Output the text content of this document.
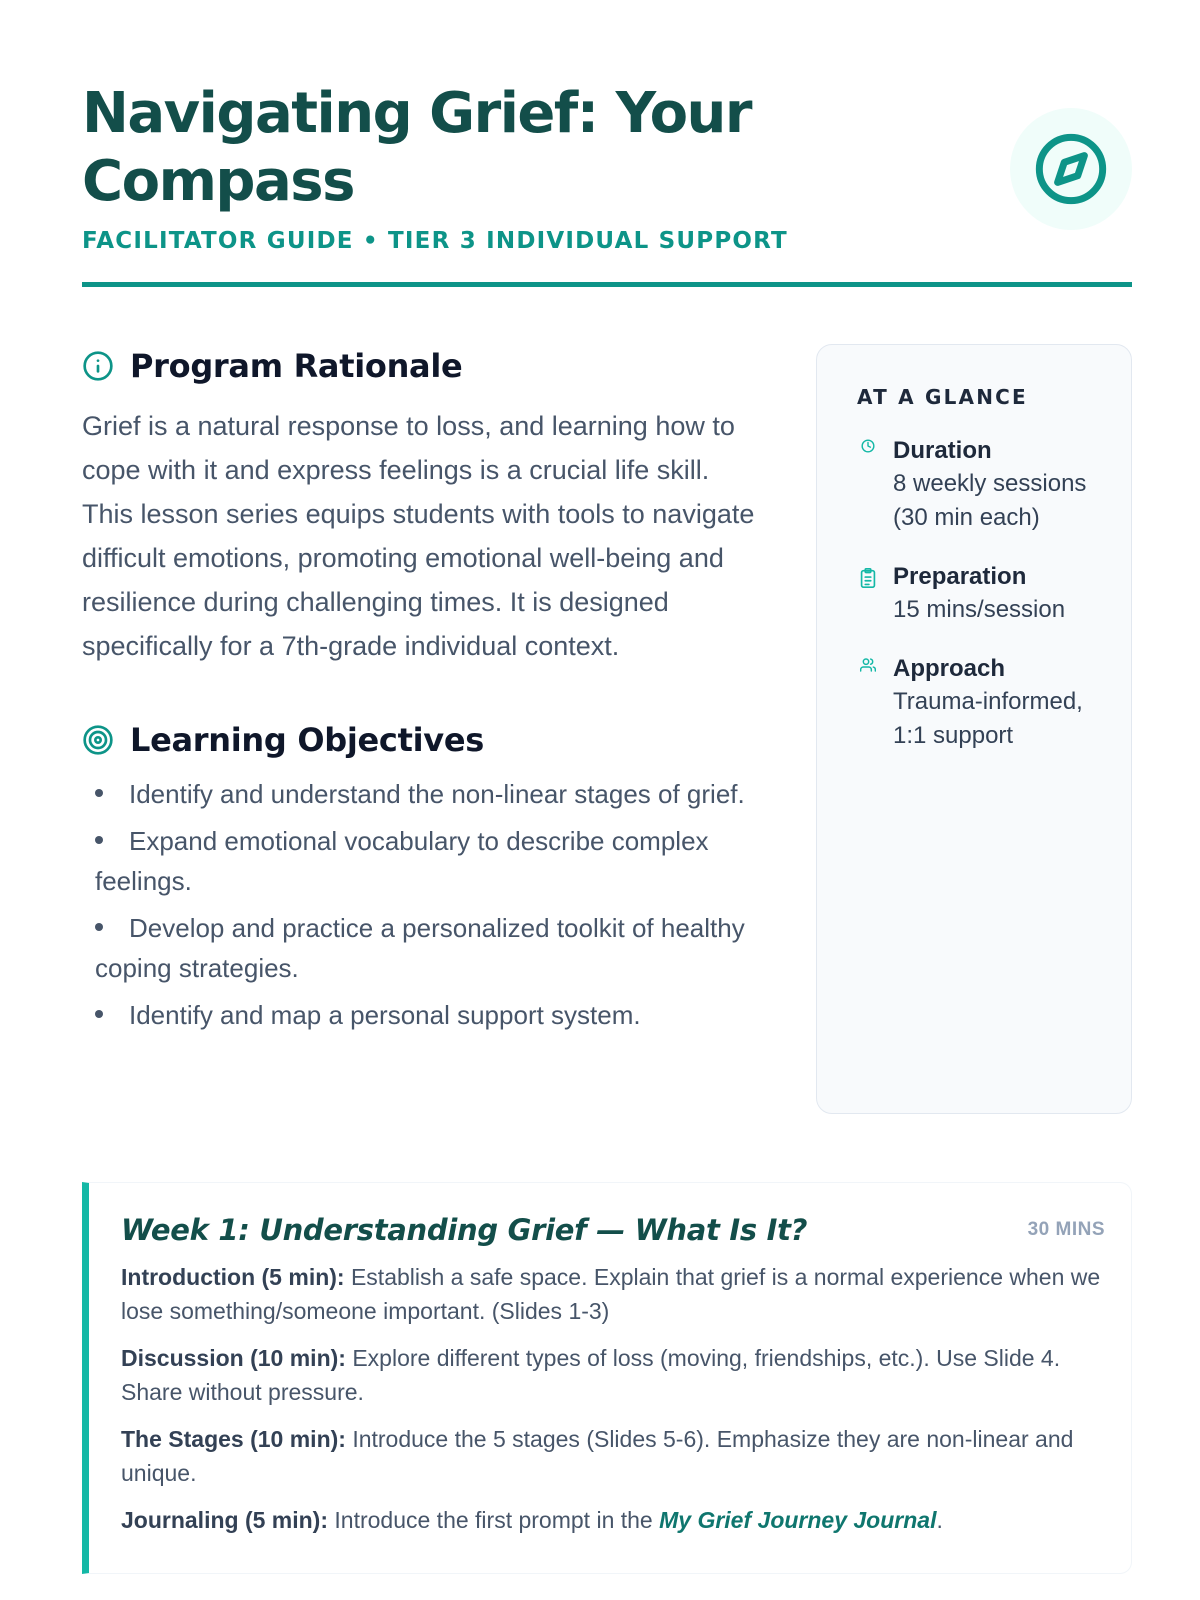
Navigating Grief: Your Compass
FACILITATOR GUIDE • TIER 3 INDIVIDUAL SUPPORT
Program Rationale

Grief is a natural response to loss, and learning how to cope with it and express feelings is a crucial life skill. This lesson series equips students with tools to navigate difficult emotions, promoting emotional well-being and resilience during challenging times. It is designed specifically for a 7th-grade individual context.

Learning Objectives
Identify and understand the non-linear stages of grief.
Expand emotional vocabulary to describe complex feelings.
Develop and practice a personalized toolkit of healthy coping strategies.
Identify and map a personal support system.
AT A GLANCE
Duration
8 weekly sessions (30 min each)
Preparation
15 mins/session
Approach
Trauma-informed, 1:1 support
Week 1: Understanding Grief — What Is It?	30 MINS

Introduction (5 min): Establish a safe space. Explain that grief is a normal experience when we lose something/someone important. (Slides 1-3)

Discussion (10 min): Explore different types of loss (moving, friendships, etc.). Use Slide 4. Share without pressure.

The Stages (10 min): Introduce the 5 stages (Slides 5-6). Emphasize they are non-linear and unique.

Journaling (5 min): Introduce the first prompt in the My Grief Journey Journal.
